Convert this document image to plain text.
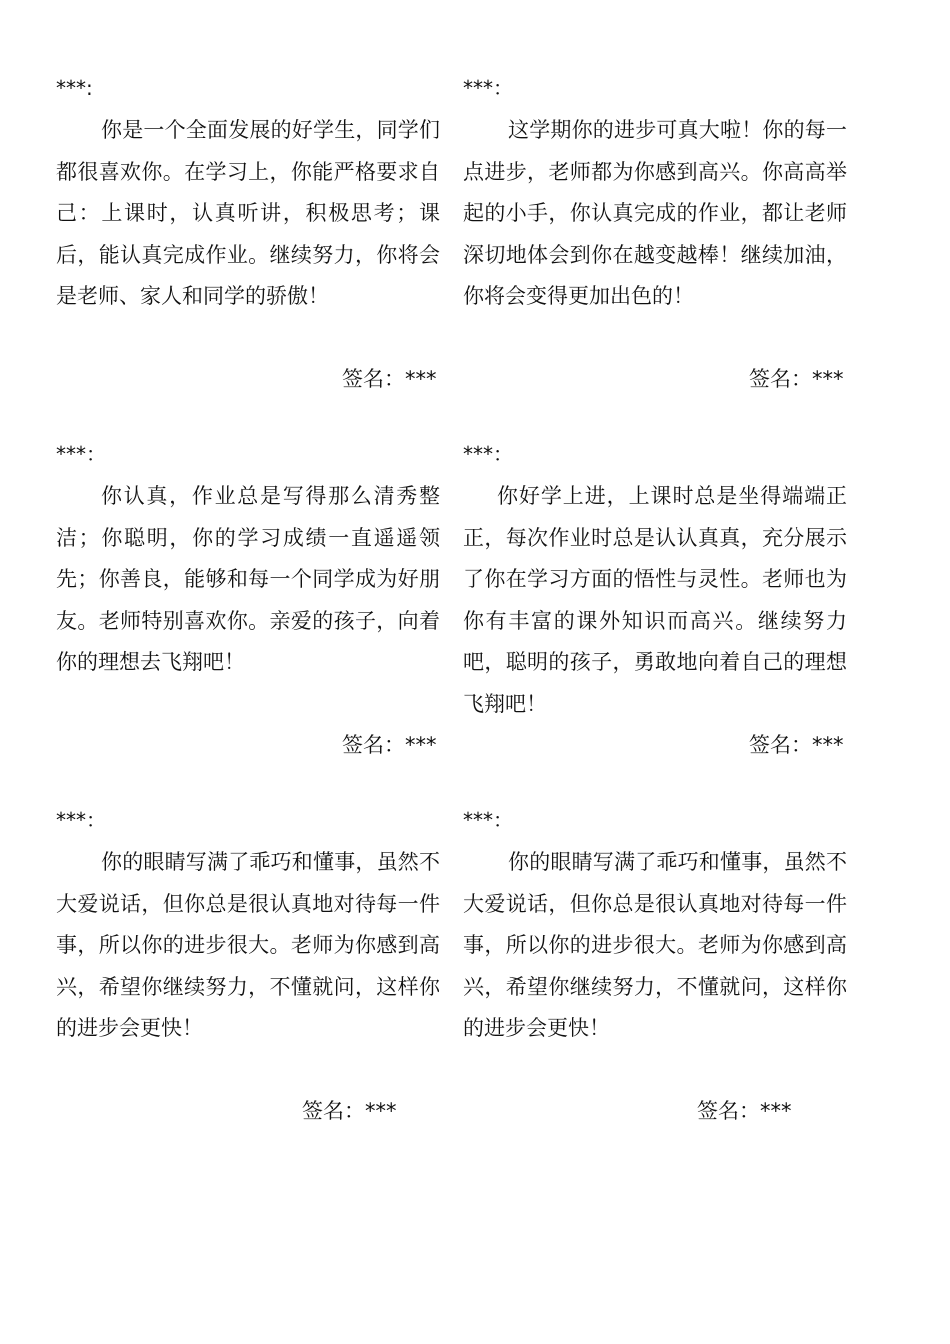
***:
你是一个全面发展的好学生，同学们都很喜欢你。在学习上，你能严格要求自己：上课时，认真听讲，积极思考；课后，能认真完成作业。继续努力，你将会是老师、家人和同学的骄傲！
签名：***
***：
这学期你的进步可真大啦！你的每一点进步，老师都为你感到高兴。你高高举起的小手，你认真完成的作业，都让老师深切地体会到你在越变越棒！继续加油，你将会变得更加出色的！
签名：***
***：
你认真，作业总是写得那么清秀整洁；你聪明，你的学习成绩一直遥遥领先；你善良，能够和每一个同学成为好朋友。老师特别喜欢你。亲爱的孩子，向着你的理想去飞翔吧！
签名：***
***：
你好学上进，上课时总是坐得端端正正，每次作业时总是认认真真，充分展示了你在学习方面的悟性与灵性。老师也为你有丰富的课外知识而高兴。继续努力吧，聪明的孩子，勇敢地向着自己的理想飞翔吧！
签名：***
***：
你的眼睛写满了乖巧和懂事，虽然不大爱说话，但你总是很认真地对待每一件事，所以你的进步很大。老师为你感到高兴，希望你继续努力，不懂就问，这样你的进步会更快！
签名：***
***：
你的眼睛写满了乖巧和懂事，虽然不大爱说话，但你总是很认真地对待每一件事，所以你的进步很大。老师为你感到高兴，希望你继续努力，不懂就问，这样你的进步会更快！
签名：***
